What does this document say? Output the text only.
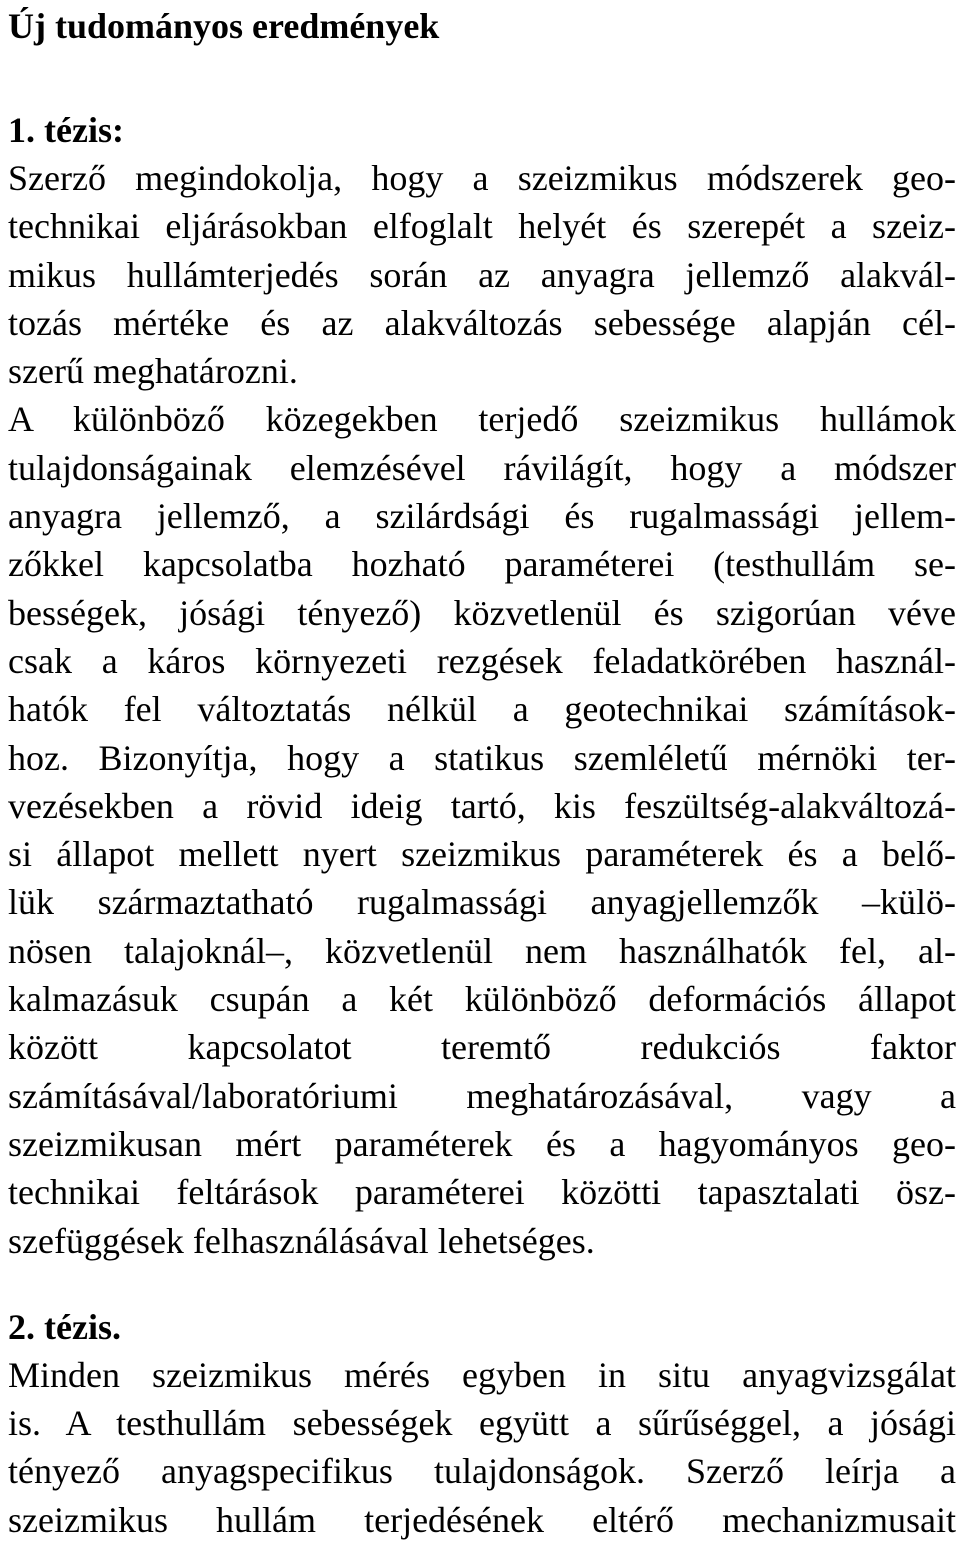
Új tudományos eredmények
1. tézis:
Szerző megindokolja, hogy a szeizmikus módszerek geo-
technikai eljárásokban elfoglalt helyét és szerepét a szeiz-
mikus hullámterjedés során az anyagra jellemző alakvál-
tozás mértéke és az alakváltozás sebessége alapján cél-
szerű meghatározni.
A különböző közegekben terjedő szeizmikus hullámok
tulajdonságainak elemzésével rávilágít, hogy a módszer
anyagra jellemző, a szilárdsági és rugalmassági jellem-
zőkkel kapcsolatba hozható paraméterei (testhullám se-
bességek, jósági tényező) közvetlenül és szigorúan véve
csak a káros környezeti rezgések feladatkörében használ-
hatók fel változtatás nélkül a geotechnikai számítások-
hoz. Bizonyítja, hogy a statikus szemléletű mérnöki ter-
vezésekben a rövid ideig tartó, kis feszültség-alakváltozá-
si állapot mellett nyert szeizmikus paraméterek és a belő-
lük származtatható rugalmassági anyagjellemzők –külö-
nösen talajoknál–, közvetlenül nem használhatók fel, al-
kalmazásuk csupán a két különböző deformációs állapot
között kapcsolatot teremtő redukciós faktor
számításával/laboratóriumi meghatározásával, vagy a
szeizmikusan mért paraméterek és a hagyományos geo-
technikai feltárások paraméterei közötti tapasztalati ösz-
szefüggések felhasználásával lehetséges.
2. tézis.
Minden szeizmikus mérés egyben in situ anyagvizsgálat
is. A testhullám sebességek együtt a sűrűséggel, a jósági
tényező anyagspecifikus tulajdonságok. Szerző leírja a
szeizmikus hullám terjedésének eltérő mechanizmusait
